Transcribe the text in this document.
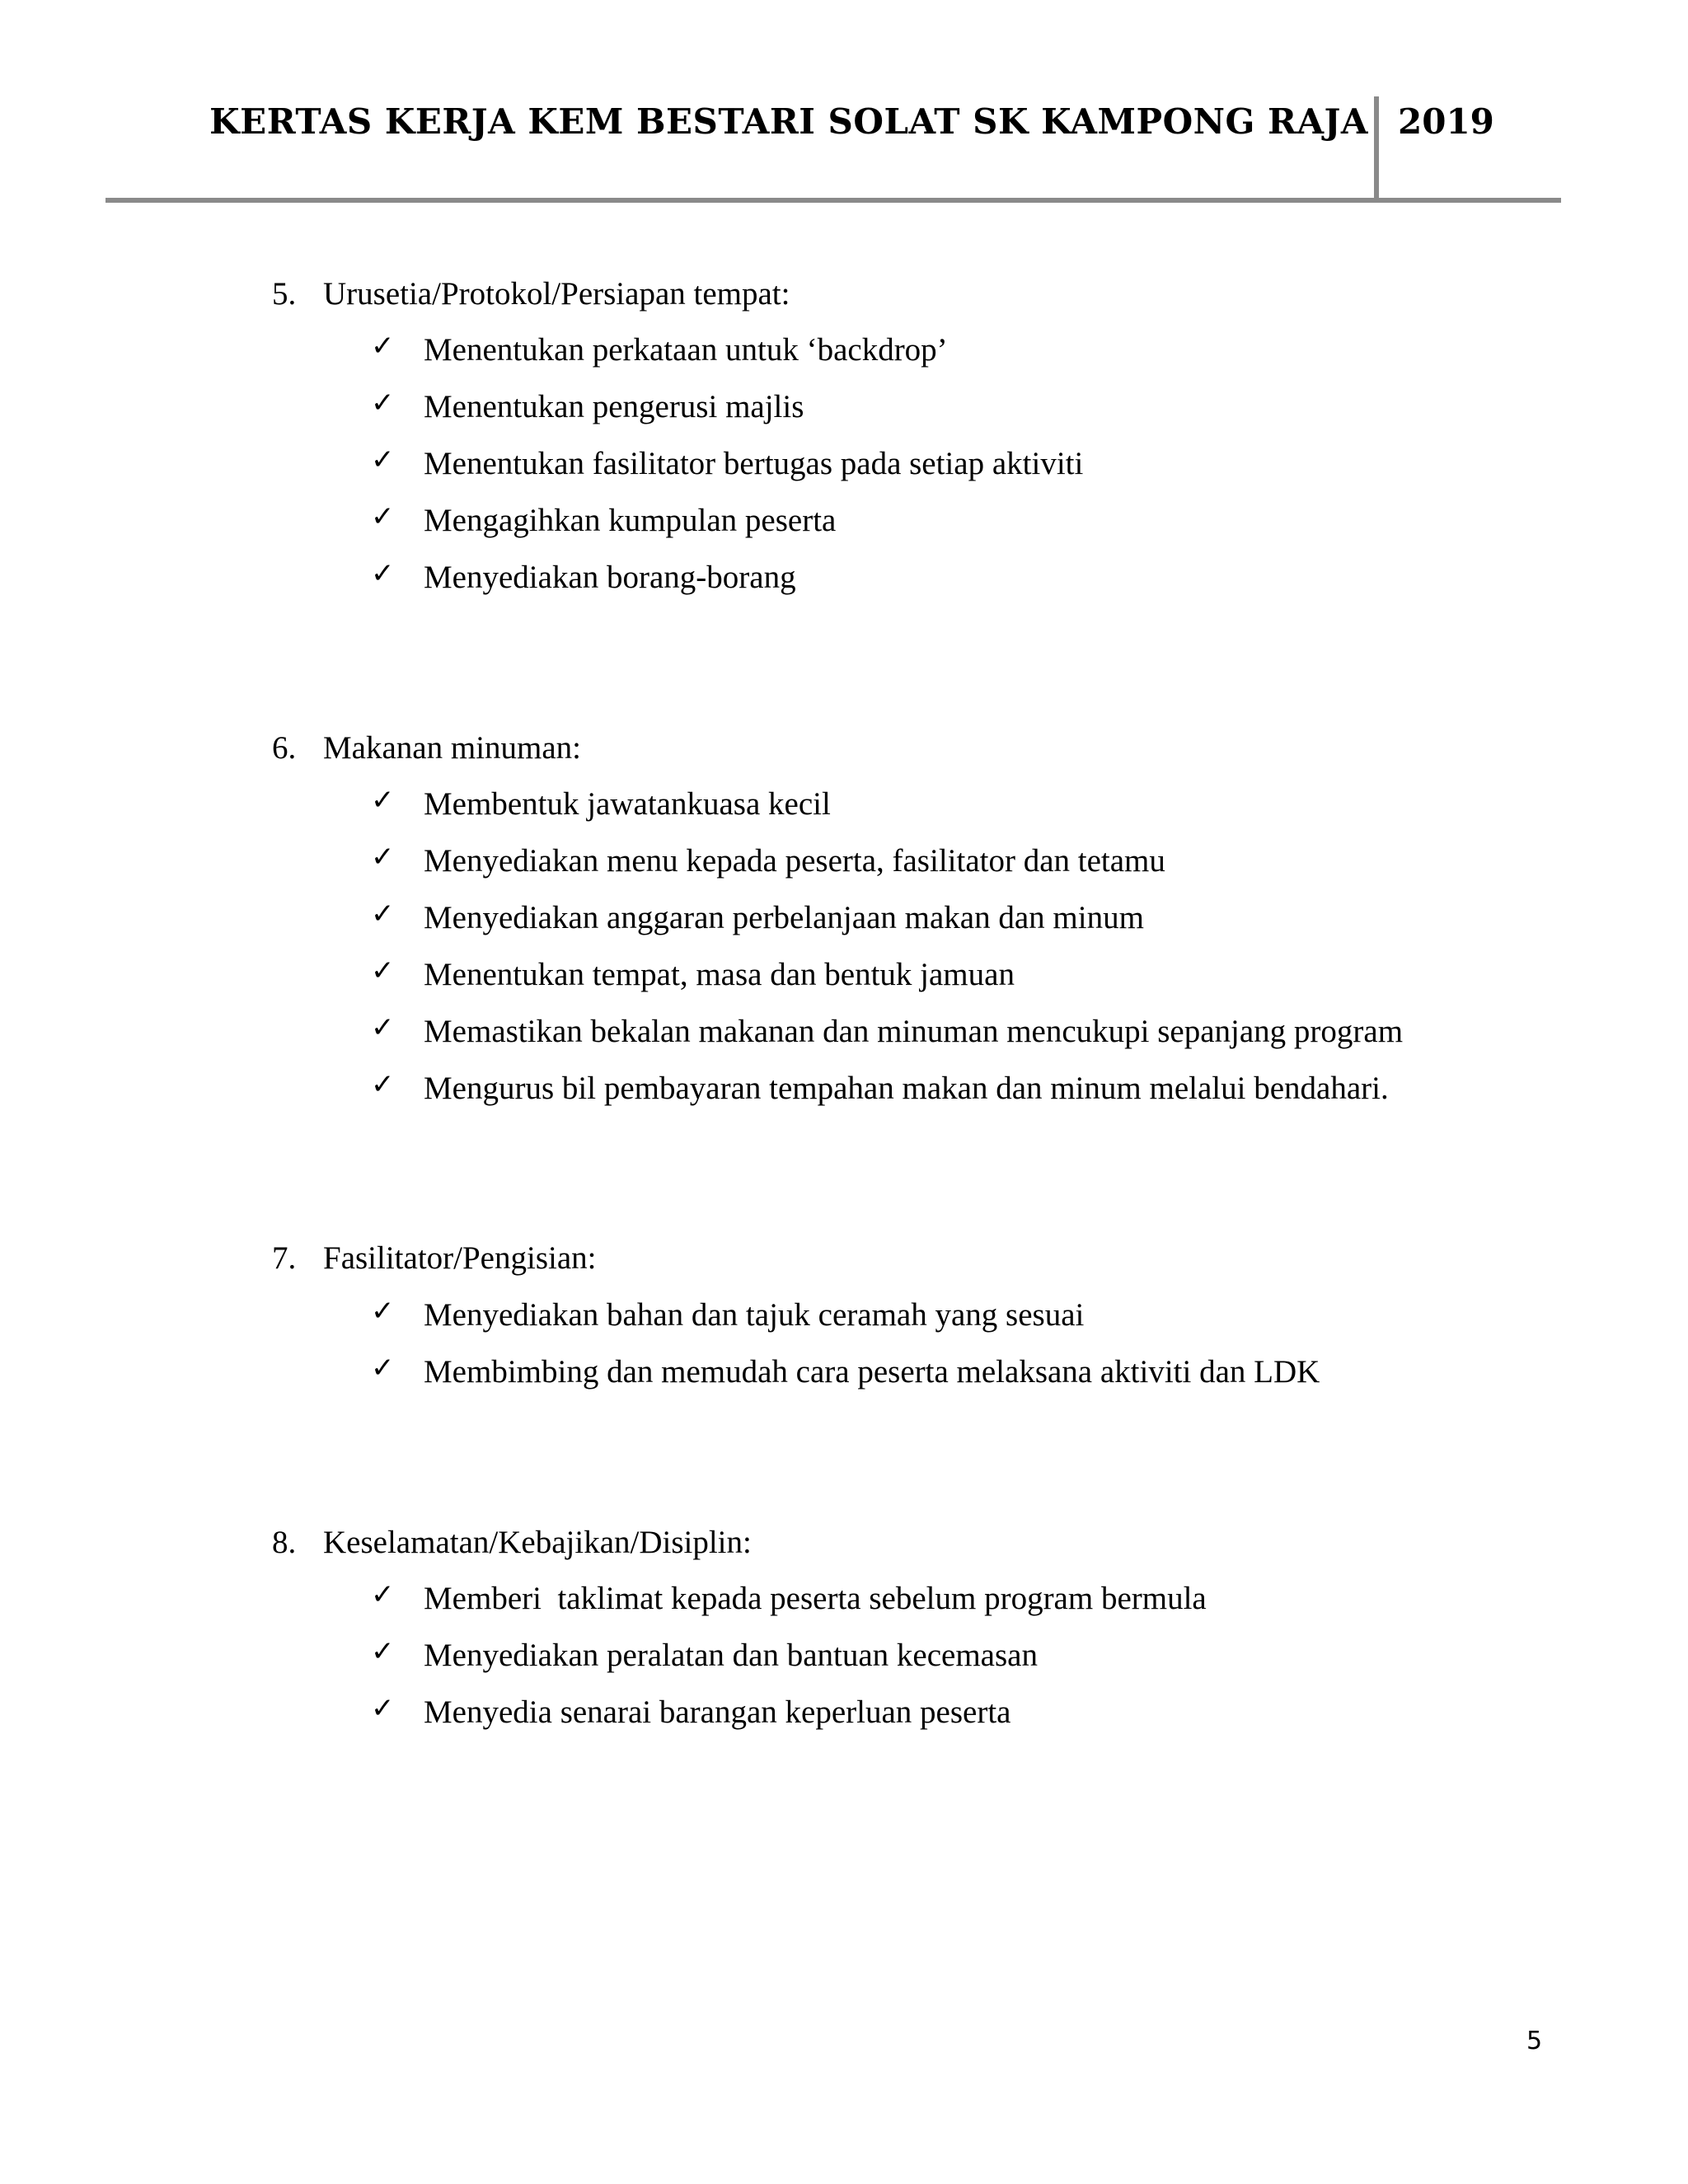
KERTAS KERJA KEM BESTARI SOLAT SK KAMPONG RAJA 2019
5. Urusetia/Protokol/Persiapan tempat:

✓

Menentukan perkataan untuk ‘backdrop’

✓

Menentukan pengerusi majlis

✓

Menentukan fasilitator bertugas pada setiap aktiviti

✓

Mengagihkan kumpulan peserta

✓

Menyediakan borang-borang

6. Makanan minuman:

✓

Membentuk jawatankuasa kecil

✓

Menyediakan menu kepada peserta, fasilitator dan tetamu

✓

Menyediakan anggaran perbelanjaan makan dan minum

✓

Menentukan tempat, masa dan bentuk jamuan

✓

Memastikan bekalan makanan dan minuman mencukupi sepanjang program

✓

Mengurus bil pembayaran tempahan makan dan minum melalui bendahari.

7. Fasilitator/Pengisian:

✓

Menyediakan bahan dan tajuk ceramah yang sesuai

✓

Membimbing dan memudah cara peserta melaksana aktiviti dan LDK

8. Keselamatan/Kebajikan/Disiplin:

✓

Memberi  taklimat kepada peserta sebelum program bermula

✓

Menyediakan peralatan dan bantuan kecemasan

✓

Menyedia senarai barangan keperluan peserta

5
